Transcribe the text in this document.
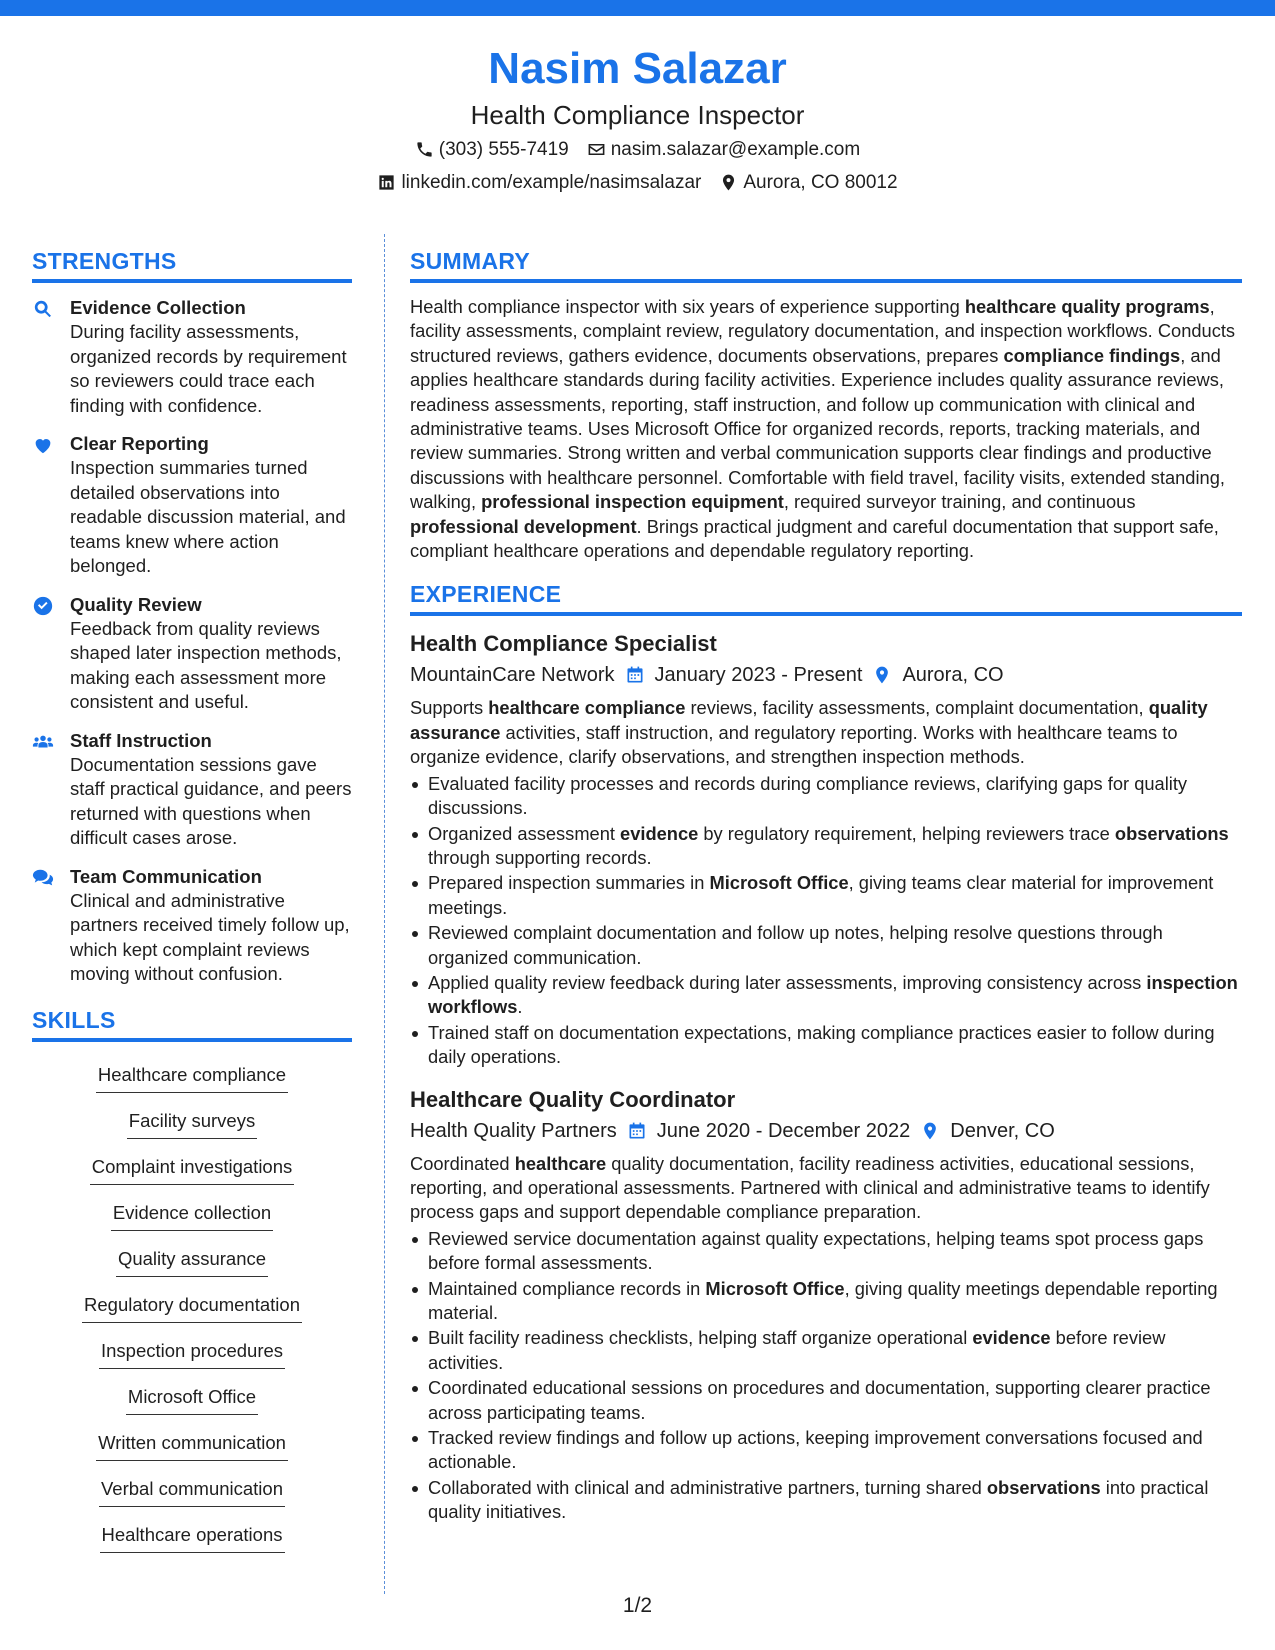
Nasim Salazar
Health Compliance Inspector
(303) 555-7419 nasim.salazar@example.com
linkedin.com/example/nasimsalazar Aurora, CO 80012
STRENGTHS
Evidence Collection
During facility assessments, organized records by requirement so reviewers could trace each finding with confidence.
Clear Reporting
Inspection summaries turned detailed observations into readable discussion material, and teams knew where action belonged.
Quality Review
Feedback from quality reviews shaped later inspection methods, making each assessment more consistent and useful.
Staff Instruction
Documentation sessions gave staff practical guidance, and peers returned with questions when difficult cases arose.
Team Communication
Clinical and administrative partners received timely follow up, which kept complaint reviews moving without confusion.
SKILLS
Healthcare compliance
Facility surveys
Complaint investigations
Evidence collection
Quality assurance
Regulatory documentation
Inspection procedures
Microsoft Office
Written communication
Verbal communication
Healthcare operations
SUMMARY

Health compliance inspector with six years of experience supporting healthcare quality programs, facility assessments, complaint review, regulatory documentation, and inspection workflows. Conducts structured reviews, gathers evidence, documents observations, prepares compliance findings, and applies healthcare standards during facility activities. Experience includes quality assurance reviews, readiness assessments, reporting, staff instruction, and follow up communication with clinical and administrative teams. Uses Microsoft Office for organized records, reports, tracking materials, and review summaries. Strong written and verbal communication supports clear findings and productive discussions with healthcare personnel. Comfortable with field travel, facility visits, extended standing, walking, professional inspection equipment, required surveyor training, and continuous professional development. Brings practical judgment and careful documentation that support safe, compliant healthcare operations and dependable regulatory reporting.

EXPERIENCE
Health Compliance Specialist
MountainCare Network January 2023 - Present Aurora, CO
Supports healthcare compliance reviews, facility assessments, complaint documentation, quality assurance activities, staff instruction, and regulatory reporting. Works with healthcare teams to organize evidence, clarify observations, and strengthen inspection methods.
Evaluated facility processes and records during compliance reviews, clarifying gaps for quality discussions.
Organized assessment evidence by regulatory requirement, helping reviewers trace observations through supporting records.
Prepared inspection summaries in Microsoft Office, giving teams clear material for improvement meetings.
Reviewed complaint documentation and follow up notes, helping resolve questions through organized communication.
Applied quality review feedback during later assessments, improving consistency across inspection workflows.
Trained staff on documentation expectations, making compliance practices easier to follow during daily operations.
Healthcare Quality Coordinator
Health Quality Partners June 2020 - December 2022 Denver, CO
Coordinated healthcare quality documentation, facility readiness activities, educational sessions, reporting, and operational assessments. Partnered with clinical and administrative teams to identify process gaps and support dependable compliance preparation.
Reviewed service documentation against quality expectations, helping teams spot process gaps before formal assessments.
Maintained compliance records in Microsoft Office, giving quality meetings dependable reporting material.
Built facility readiness checklists, helping staff organize operational evidence before review activities.
Coordinated educational sessions on procedures and documentation, supporting clearer practice across participating teams.
Tracked review findings and follow up actions, keeping improvement conversations focused and actionable.
Collaborated with clinical and administrative partners, turning shared observations into practical quality initiatives.
1/2
